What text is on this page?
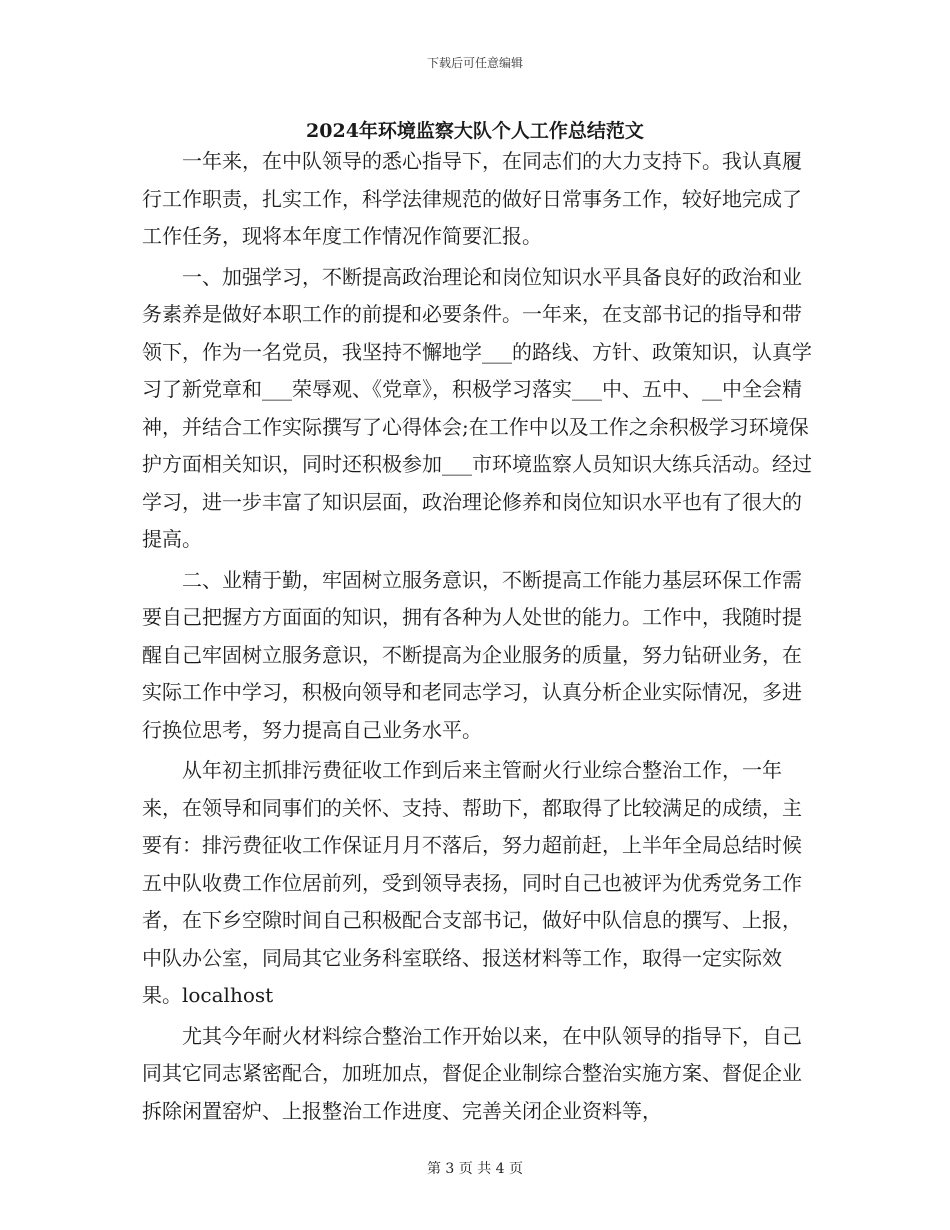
下载后可任意编辑
2024年环境监察大队个人工作总结范文

一年来，在中队领导的悉心指导下，在同志们的大力支持下。我认真履行工作职责，扎实工作，科学法律规范的做好日常事务工作，较好地完成了工作任务，现将本年度工作情况作简要汇报。

一、加强学习，不断提高政治理论和岗位知识水平具备良好的政治和业务素养是做好本职工作的前提和必要条件。一年来，在支部书记的指导和带领下，作为一名党员，我坚持不懈地学___的路线、方针、政策知识，认真学习了新党章和___荣辱观、《党章》，积极学习落实___中、五中、__中全会精神，并结合工作实际撰写了心得体会;在工作中以及工作之余积极学习环境保护方面相关知识，同时还积极参加___市环境监察人员知识大练兵活动。经过学习，进一步丰富了知识层面，政治理论修养和岗位知识水平也有了很大的提高。

二、业精于勤，牢固树立服务意识，不断提高工作能力基层环保工作需要自己把握方方面面的知识，拥有各种为人处世的能力。工作中，我随时提醒自己牢固树立服务意识，不断提高为企业服务的质量，努力钻研业务，在实际工作中学习，积极向领导和老同志学习，认真分析企业实际情况，多进行换位思考，努力提高自己业务水平。

从年初主抓排污费征收工作到后来主管耐火行业综合整治工作，一年来，在领导和同事们的关怀、支持、帮助下，都取得了比较满足的成绩，主要有：排污费征收工作保证月月不落后，努力超前赶，上半年全局总结时候五中队收费工作位居前列，受到领导表扬，同时自己也被评为优秀党务工作者，在下乡空隙时间自己积极配合支部书记，做好中队信息的撰写、上报，中队办公室，同局其它业务科室联络、报送材料等工作，取得一定实际效果。localhost

尤其今年耐火材料综合整治工作开始以来，在中队领导的指导下，自己同其它同志紧密配合，加班加点，督促企业制综合整治实施方案、督促企业拆除闲置窑炉、上报整治工作进度、完善关闭企业资料等，

第 3 页 共 4 页
